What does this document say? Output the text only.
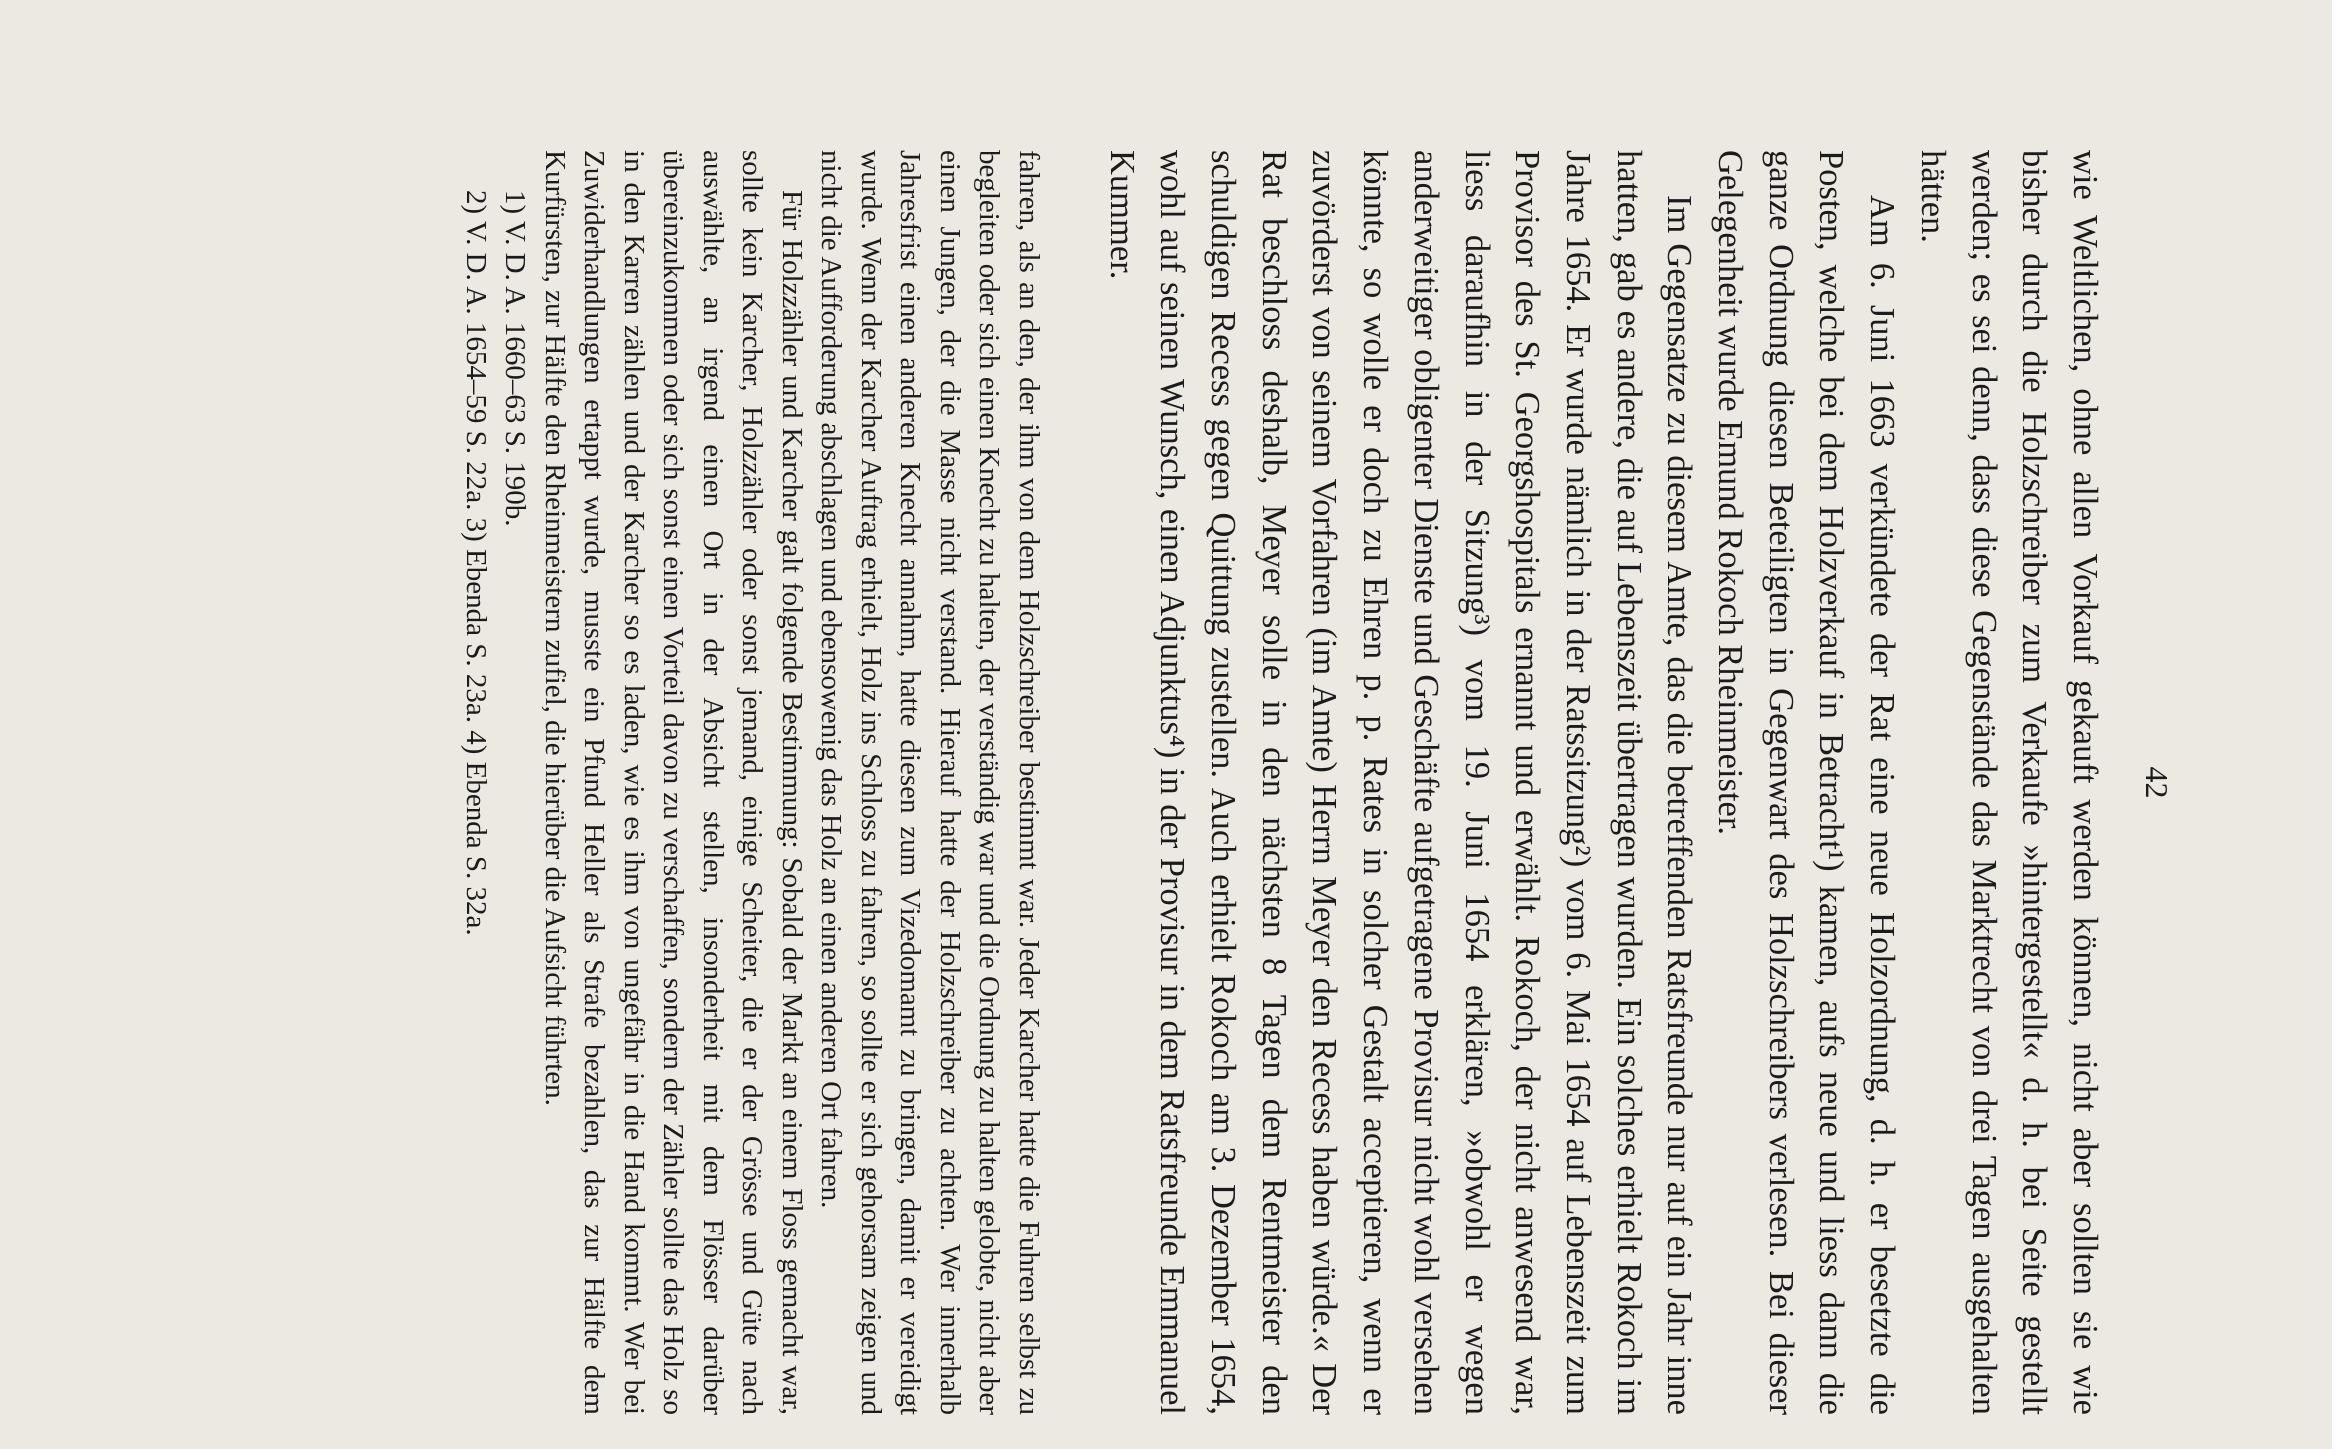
42

wie Weltlichen, ohne allen Vorkauf gekauft werden können, nicht aber sollten sie wie bisher durch die Holzschreiber zum Verkaufe »hintergestellt« d. h. bei Seite gestellt werden; es sei denn, dass diese Gegenstände das Marktrecht von drei Tagen ausgehalten hätten.

Am 6. Juni 1663 verkündete der Rat eine neue Holzordnung, d. h. er besetzte die Posten, welche bei dem Holzverkauf in Betracht¹) kamen, aufs neue und liess dann die ganze Ordnung diesen Beteiligten in Gegenwart des Holzschreibers verlesen. Bei dieser Gelegenheit wurde Emund Rokoch Rheinmeister.

Im Gegensatze zu diesem Amte, das die betreffenden Ratsfreunde nur auf ein Jahr inne hatten, gab es andere, die auf Lebenszeit übertragen wurden. Ein solches erhielt Rokoch im Jahre 1654. Er wurde nämlich in der Ratssitzung²) vom 6. Mai 1654 auf Lebenszeit zum Provisor des St. Georgshospitals ernannt und erwählt. Rokoch, der nicht anwesend war, liess daraufhin in der Sitzung³) vom 19. Juni 1654 erklären, »obwohl er wegen anderweitiger obligenter Dienste und Geschäfte aufgetragene Provisur nicht wohl versehen könnte, so wolle er doch zu Ehren p. p. Rates in solcher Gestalt acceptieren, wenn er zuvörderst von seinem Vorfahren (im Amte) Herrn Meyer den Recess haben würde.« Der Rat beschloss deshalb, Meyer solle in den nächsten 8 Tagen dem Rentmeister den schuldigen Recess gegen Quittung zustellen. Auch erhielt Rokoch am 3. Dezember 1654, wohl auf seinen Wunsch, einen Adjunktus⁴) in der Provisur in dem Ratsfreunde Emmanuel Kummer.

fahren, als an den, der ihm von dem Holzschreiber bestimmt war. Jeder Karcher hatte die Fuhren selbst zu begleiten oder sich einen Knecht zu halten, der verständig war und die Ordnung zu halten gelobte, nicht aber einen Jungen, der die Masse nicht verstand. Hierauf hatte der Holzschreiber zu achten. Wer innerhalb Jahresfrist einen anderen Knecht annahm, hatte diesen zum Vizedomamt zu bringen, damit er vereidigt wurde. Wenn der Karcher Auftrag erhielt, Holz ins Schloss zu fahren, so sollte er sich gehorsam zeigen und nicht die Aufforderung abschlagen und ebensowenig das Holz an einen anderen Ort fahren.

Für Holzzähler und Karcher galt folgende Bestimmung: Sobald der Markt an einem Floss gemacht war, sollte kein Karcher, Holzzähler oder sonst jemand, einige Scheiter, die er der Grösse und Güte nach auswählte, an irgend einen Ort in der Absicht stellen, insonderheit mit dem Flösser darüber übereinzukommen oder sich sonst einen Vorteil davon zu verschaffen, sondern der Zähler sollte das Holz so in den Karren zählen und der Karcher so es laden, wie es ihm von ungefähr in die Hand kommt. Wer bei Zuwiderhandlungen ertappt wurde, musste ein Pfund Heller als Strafe bezahlen, das zur Hälfte dem Kurfürsten, zur Hälfte den Rheinmeistern zufiel, die hierüber die Aufsicht führten.

1) V. D. A. 1660–63 S. 190b.
2) V. D. A. 1654–59 S. 22a. 3) Ebenda S. 23a. 4) Ebenda S. 32a.
